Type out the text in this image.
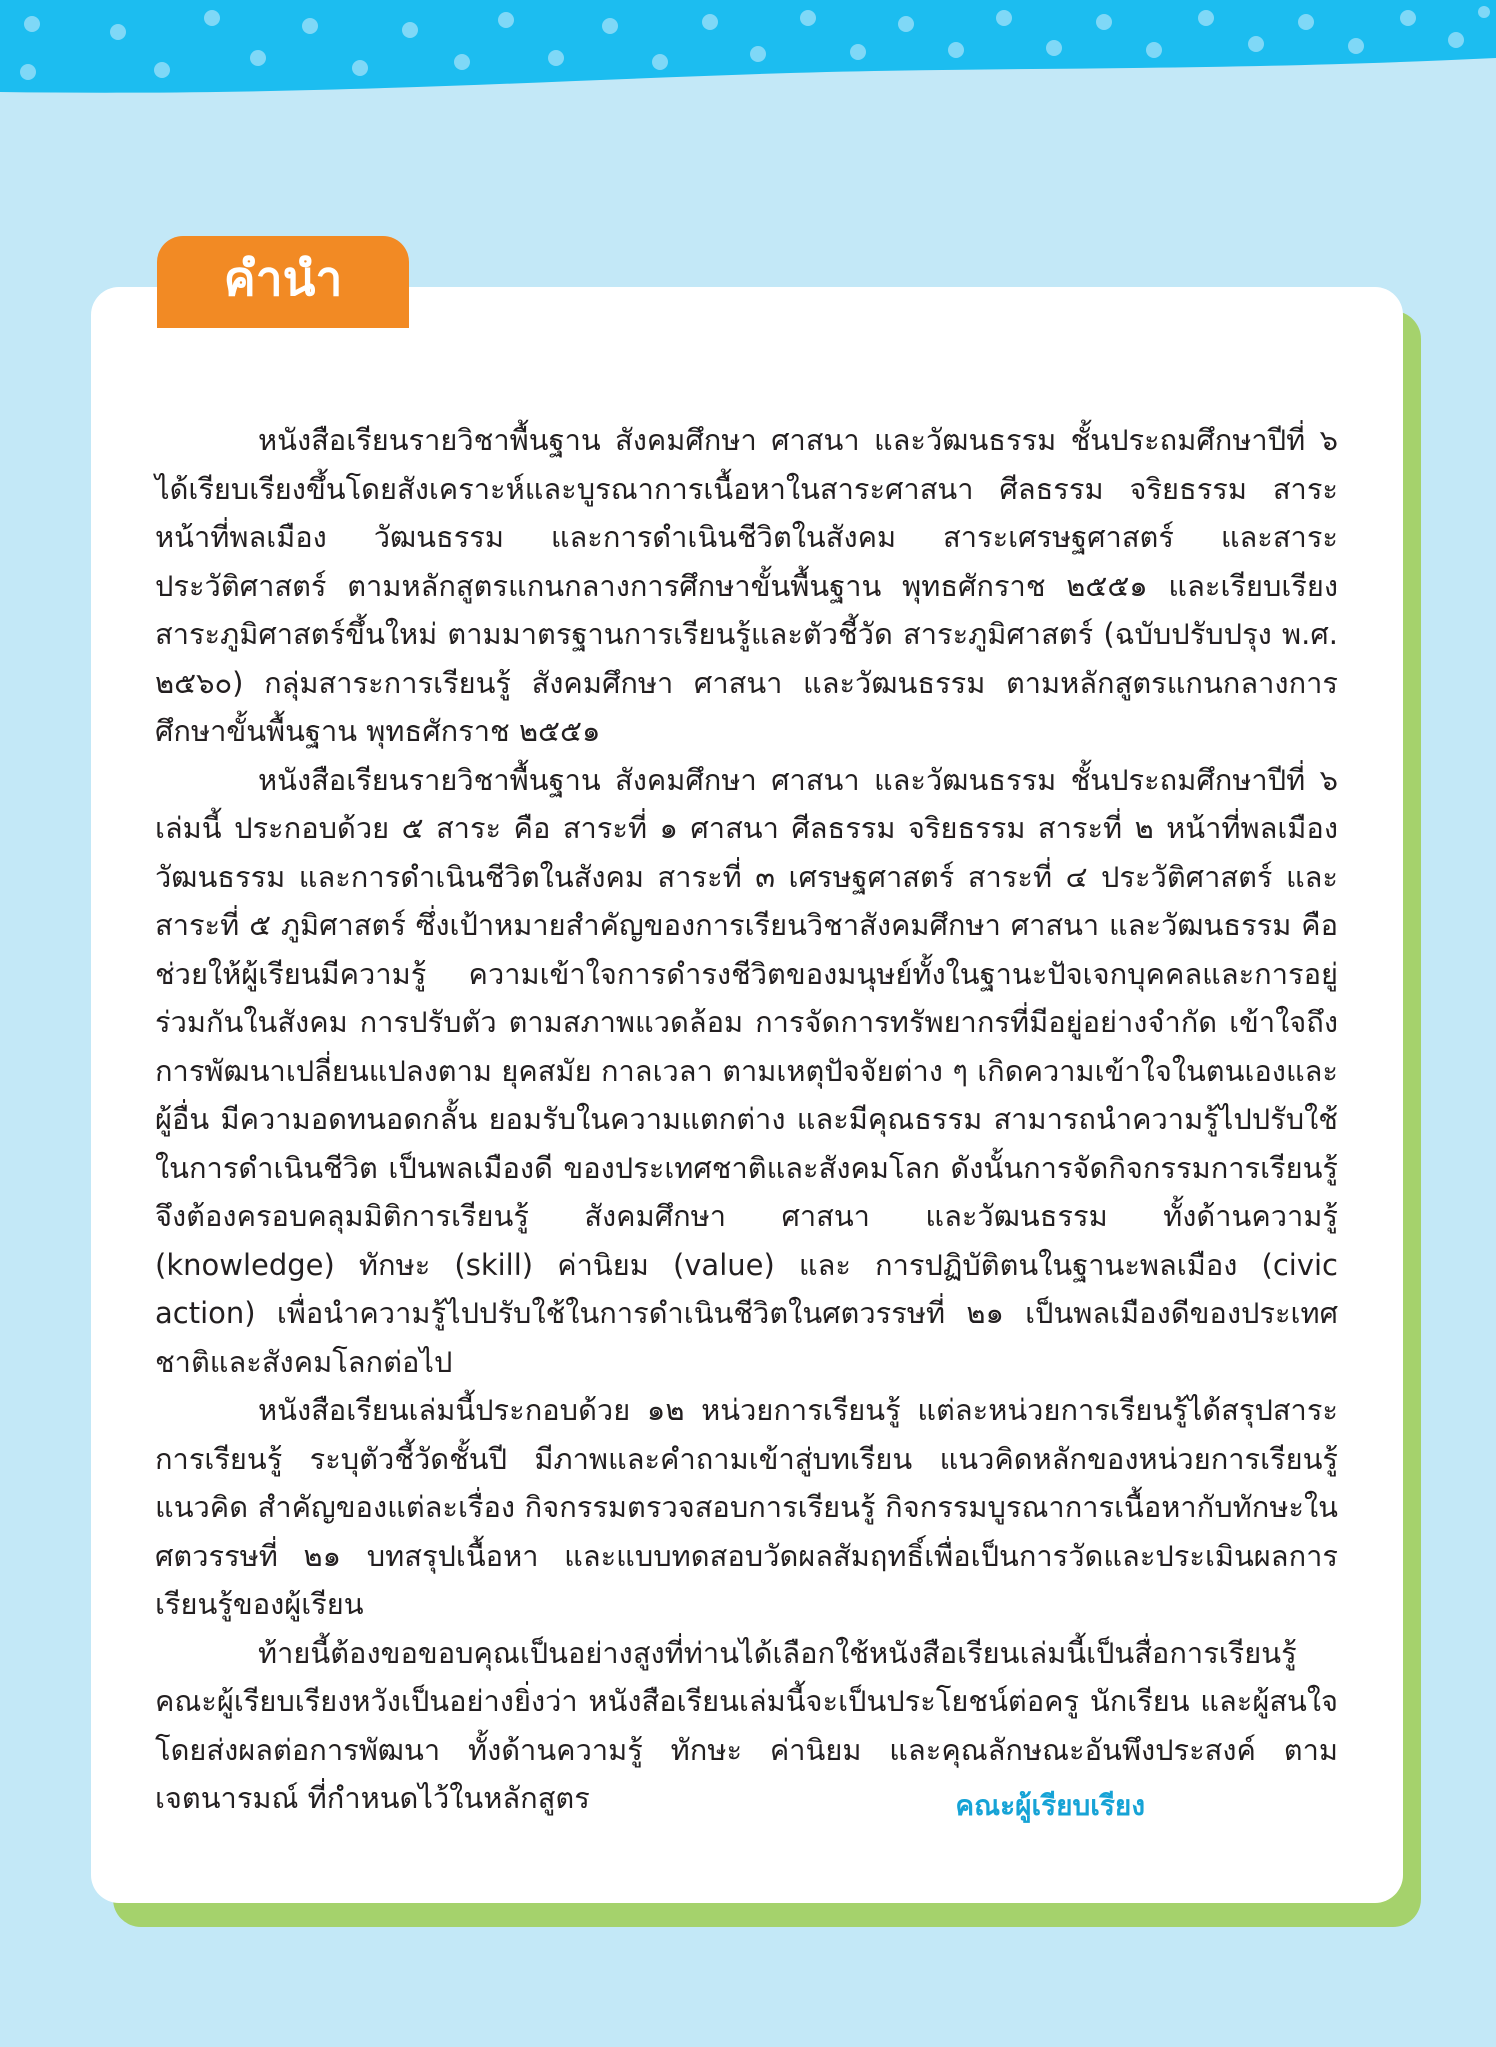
คำนำ

หนังสือเรียนรายวิชาพื้นฐาน สังคมศึกษา ศาสนา และวัฒนธรรม ชั้นประถมศึกษาปีที่ ๖ ได้เรียบเรียงขึ้นโดยสังเคราะห์และบูรณาการเนื้อหาในสาระศาสนา ศีลธรรม จริยธรรม สาระหน้าที่พลเมือง วัฒนธรรม และการดำเนินชีวิตในสังคม สาระเศรษฐศาสตร์ และสาระประวัติศาสตร์ ตามหลักสูตรแกนกลางการศึกษาขั้นพื้นฐาน พุทธศักราช ๒๕๕๑ และเรียบเรียงสาระภูมิศาสตร์ขึ้นใหม่ ตามมาตรฐานการเรียนรู้และตัวชี้วัด สาระภูมิศาสตร์ (ฉบับปรับปรุง พ.ศ. ๒๕๖๐) กลุ่มสาระการเรียนรู้ สังคมศึกษา ศาสนา และวัฒนธรรม ตามหลักสูตรแกนกลางการศึกษาขั้นพื้นฐาน พุทธศักราช ๒๕๕๑

หนังสือเรียนรายวิชาพื้นฐาน สังคมศึกษา ศาสนา และวัฒนธรรม ชั้นประถมศึกษาปีที่ ๖ เล่มนี้ ประกอบด้วย ๕ สาระ คือ สาระที่ ๑ ศาสนา ศีลธรรม จริยธรรม สาระที่ ๒ หน้าที่พลเมือง วัฒนธรรม และการดำเนินชีวิตในสังคม สาระที่ ๓ เศรษฐศาสตร์ สาระที่ ๔ ประวัติศาสตร์ และสาระที่ ๕ ภูมิศาสตร์ ซึ่งเป้าหมายสำคัญของการเรียนวิชาสังคมศึกษา ศาสนา และวัฒนธรรม คือ ช่วยให้ผู้เรียนมีความรู้ ความเข้าใจการดำรงชีวิตของมนุษย์ทั้งในฐานะปัจเจกบุคคลและการอยู่ร่วมกันในสังคม การปรับตัว ตามสภาพแวดล้อม การจัดการทรัพยากรที่มีอยู่อย่างจำกัด เข้าใจถึงการพัฒนาเปลี่ยนแปลงตาม ยุคสมัย กาลเวลา ตามเหตุปัจจัยต่าง ๆ เกิดความเข้าใจในตนเองและผู้อื่น มีความอดทนอดกลั้น ยอมรับในความแตกต่าง และมีคุณธรรม สามารถนำความรู้ไปปรับใช้ในการดำเนินชีวิต เป็นพลเมืองดี ของประเทศชาติและสังคมโลก ดังนั้นการจัดกิจกรรมการเรียนรู้จึงต้องครอบคลุมมิติการเรียนรู้ สังคมศึกษา ศาสนา และวัฒนธรรม ทั้งด้านความรู้ (knowledge) ทักษะ (skill) ค่านิยม (value) และ การปฏิบัติตนในฐานะพลเมือง (civic action) เพื่อนำความรู้ไปปรับใช้ในการดำเนินชีวิตในศตวรรษที่ ๒๑ เป็นพลเมืองดีของประเทศชาติและสังคมโลกต่อไป

หนังสือเรียนเล่มนี้ประกอบด้วย ๑๒ หน่วยการเรียนรู้ แต่ละหน่วยการเรียนรู้ได้สรุปสาระ การเรียนรู้ ระบุตัวชี้วัดชั้นปี มีภาพและคำถามเข้าสู่บทเรียน แนวคิดหลักของหน่วยการเรียนรู้ แนวคิด สำคัญของแต่ละเรื่อง กิจกรรมตรวจสอบการเรียนรู้ กิจกรรมบูรณาการเนื้อหากับทักษะในศตวรรษที่ ๒๑ บทสรุปเนื้อหา และแบบทดสอบวัดผลสัมฤทธิ์เพื่อเป็นการวัดและประเมินผลการเรียนรู้ของผู้เรียน

ท้ายนี้ต้องขอขอบคุณเป็นอย่างสูงที่ท่านได้เลือกใช้หนังสือเรียนเล่มนี้เป็นสื่อการเรียนรู้ คณะผู้เรียบเรียงหวังเป็นอย่างยิ่งว่า หนังสือเรียนเล่มนี้จะเป็นประโยชน์ต่อครู นักเรียน และผู้สนใจ โดยส่งผลต่อการพัฒนา ทั้งด้านความรู้ ทักษะ ค่านิยม และคุณลักษณะอันพึงประสงค์ ตามเจตนารมณ์ ที่กำหนดไว้ในหลักสูตร	คณะผู้เรียบเรียง
